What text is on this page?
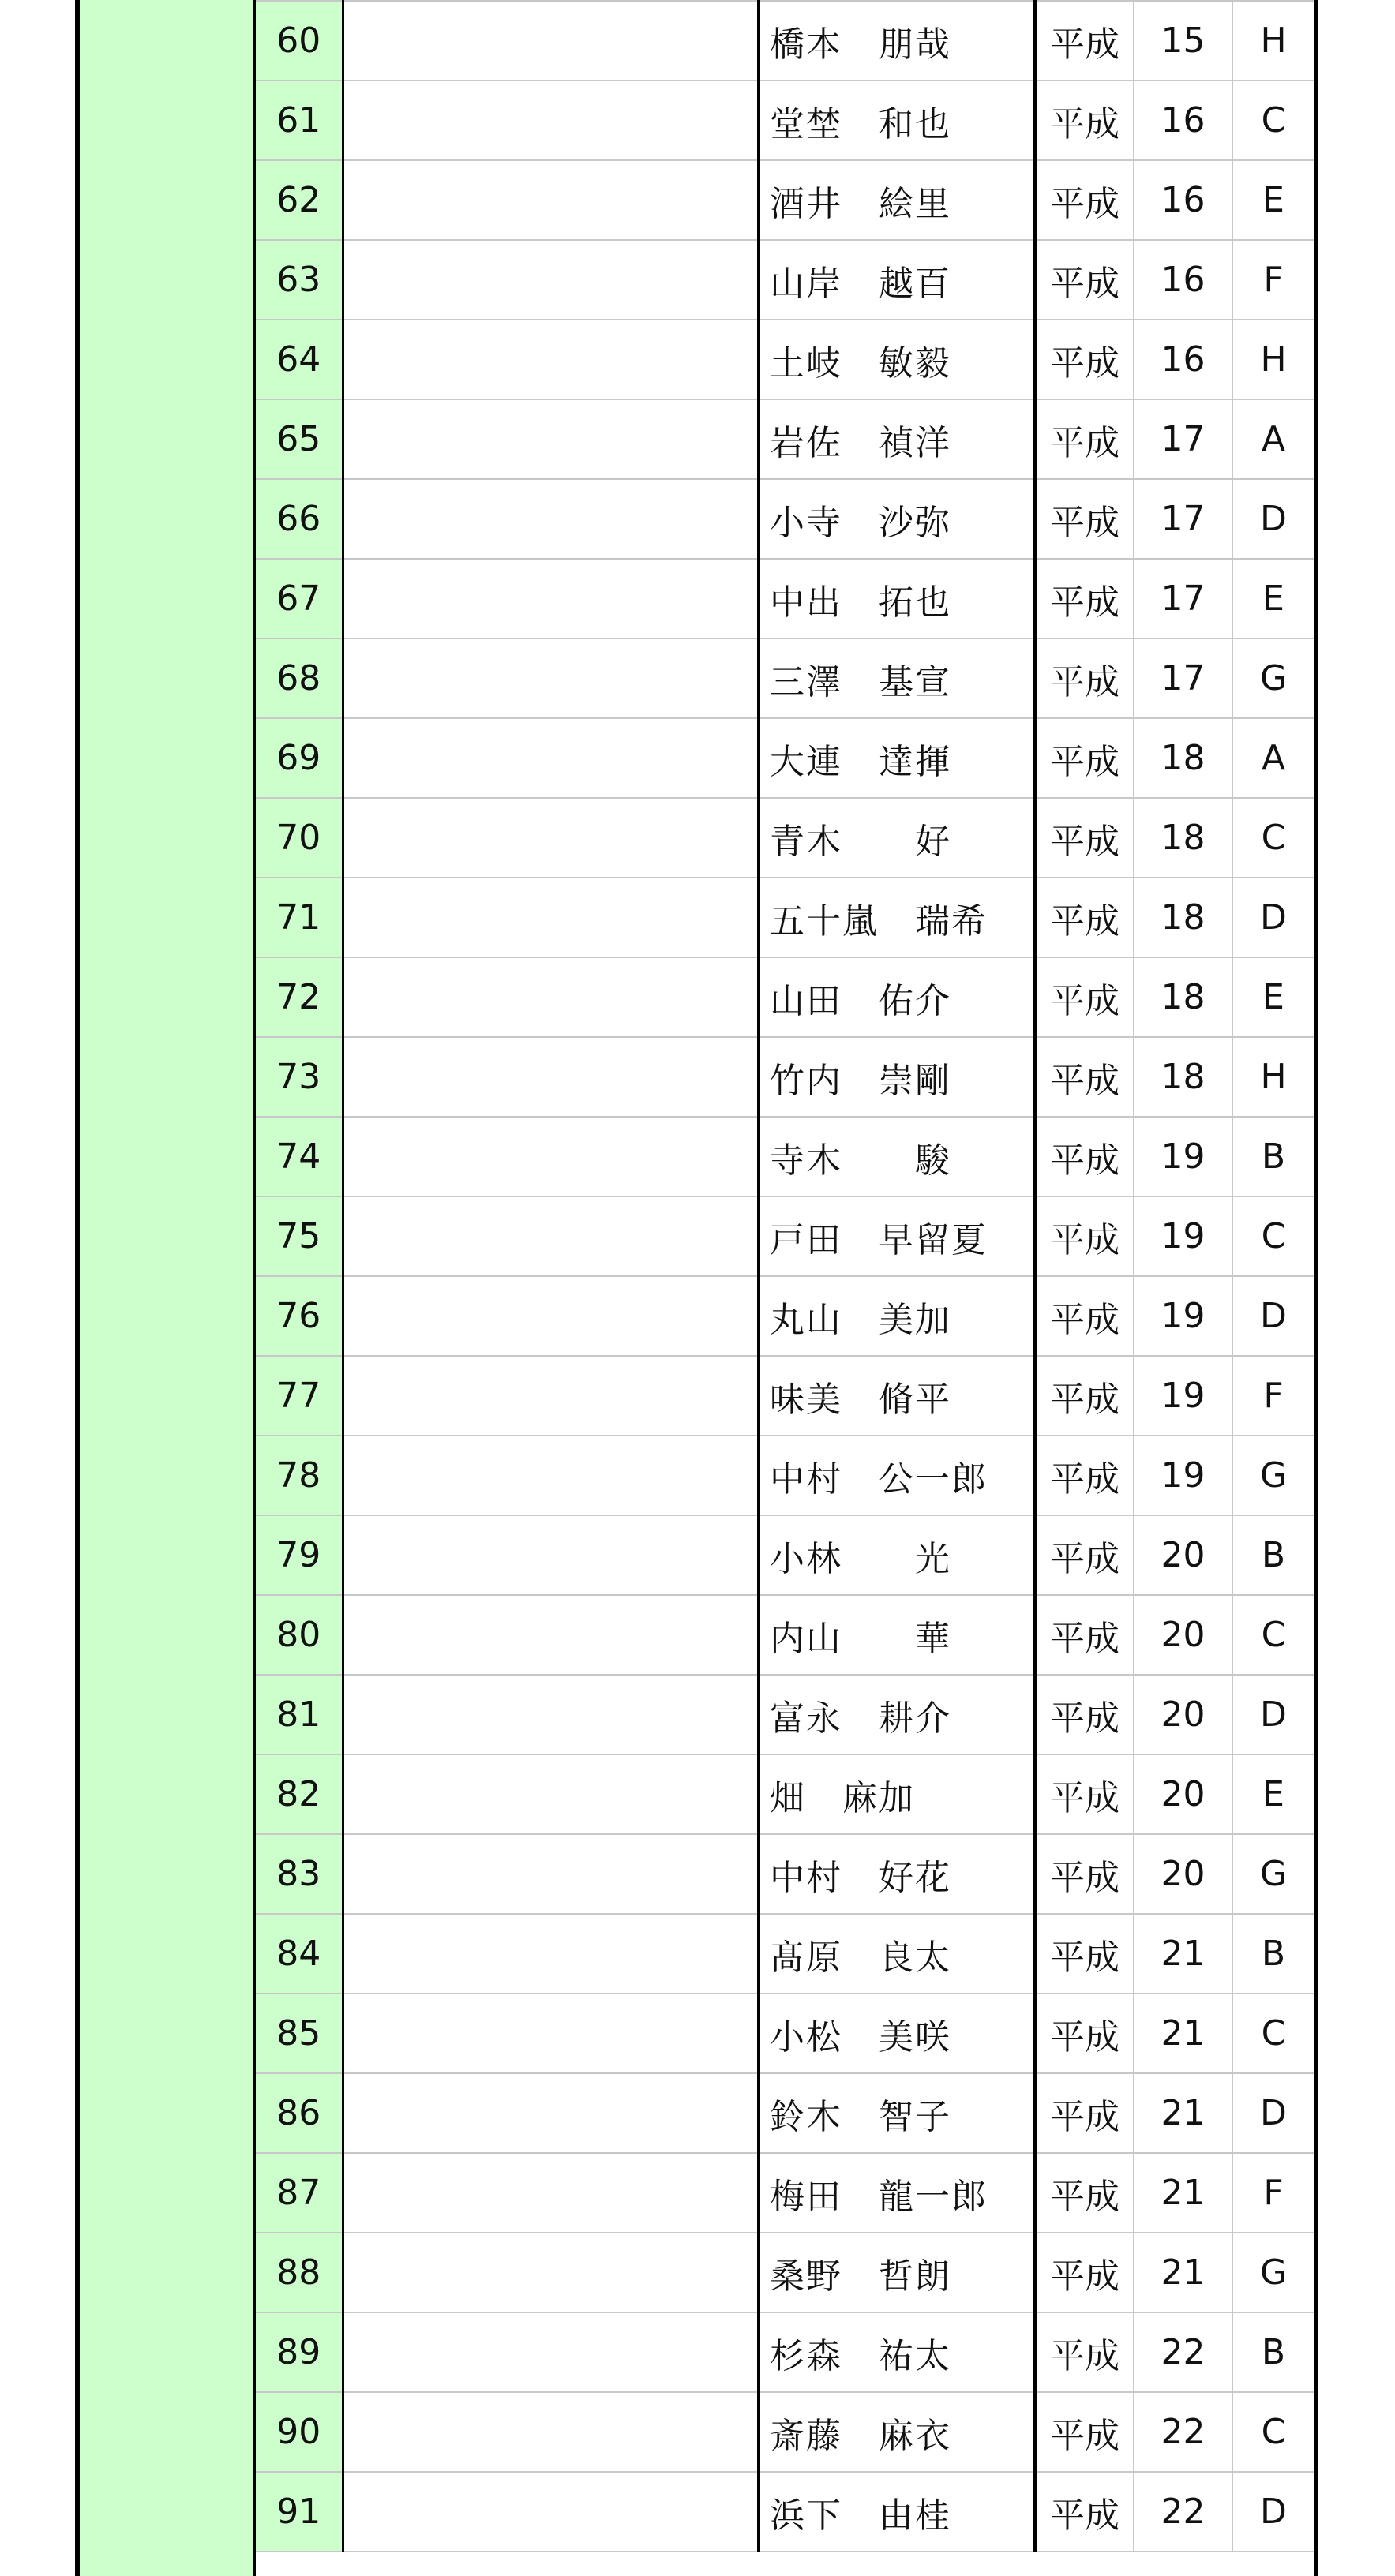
60		橋本　朋哉	平成	15	H
61		堂埜　和也	平成	16	C
62		酒井　絵里	平成	16	E
63		山岸　越百	平成	16	F
64		土岐　敏毅	平成	16	H
65		岩佐　禎洋	平成	17	A
66		小寺　沙弥	平成	17	D
67		中出　拓也	平成	17	E
68		三澤　基宣	平成	17	G
69		大連　達揮	平成	18	A
70		青木　　好	平成	18	C
71		五十嵐　瑞希	平成	18	D
72		山田　佑介	平成	18	E
73		竹内　崇剛	平成	18	H
74		寺木　　駿	平成	19	B
75		戸田　早留夏	平成	19	C
76		丸山　美加	平成	19	D
77		味美　脩平	平成	19	F
78		中村　公一郎	平成	19	G
79		小林　　光	平成	20	B
80		内山　　華	平成	20	C
81		富永　耕介	平成	20	D
82		畑　麻加	平成	20	E
83		中村　好花	平成	20	G
84		髙原　良太	平成	21	B
85		小松　美咲	平成	21	C
86		鈴木　智子	平成	21	D
87		梅田　龍一郎	平成	21	F
88		桑野　哲朗	平成	21	G
89		杉森　祐太	平成	22	B
90		斎藤　麻衣	平成	22	C
91		浜下　由桂	平成	22	D
